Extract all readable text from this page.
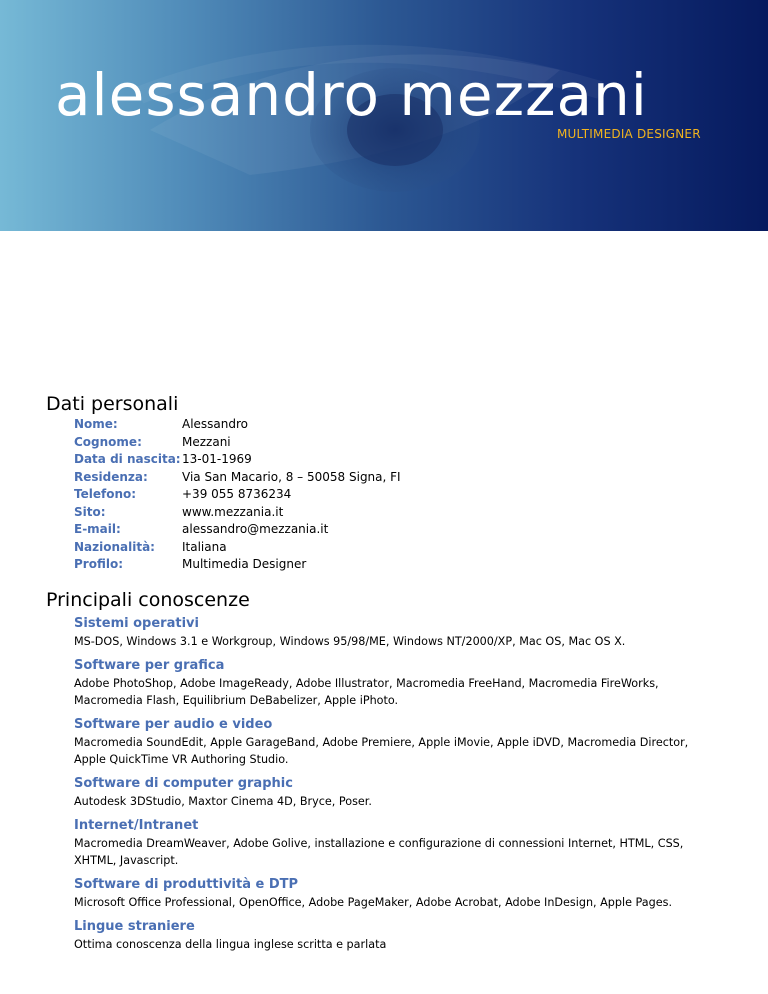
alessandro mezzani
MULTIMEDIA DESIGNER
Dati personali
Nome:	Alessandro
Cognome:	Mezzani
Data di nascita: 13-01-1969
Residenza:	Via San Macario, 8 – 50058 Signa, FI
Telefono:	+39 055 8736234
Sito:	www.mezzania.it
E-mail:	alessandro@mezzania.it
Nazionalità: Italiana
Profilo:	Multimedia Designer
Principali conoscenze
Sistemi operativi
MS-DOS, Windows 3.1 e Workgroup, Windows 95/98/ME, Windows NT/2000/XP, Mac OS, Mac OS X.
Software per grafica
Adobe PhotoShop, Adobe ImageReady, Adobe Illustrator, Macromedia FreeHand, Macromedia FireWorks, Macromedia Flash, Equilibrium DeBabelizer, Apple iPhoto.
Software per audio e video
Macromedia SoundEdit, Apple GarageBand, Adobe Premiere, Apple iMovie, Apple iDVD, Macromedia Director, Apple QuickTime VR Authoring Studio.
Software di computer graphic
Autodesk 3DStudio, Maxtor Cinema 4D, Bryce, Poser.
Internet/Intranet
Macromedia DreamWeaver, Adobe Golive, installazione e configurazione di connessioni Internet, HTML, CSS, XHTML, Javascript.
Software di produttività e DTP
Microsoft Office Professional, OpenOffice, Adobe PageMaker, Adobe Acrobat, Adobe InDesign, Apple Pages.
Lingue straniere
Ottima conoscenza della lingua inglese scritta e parlata
